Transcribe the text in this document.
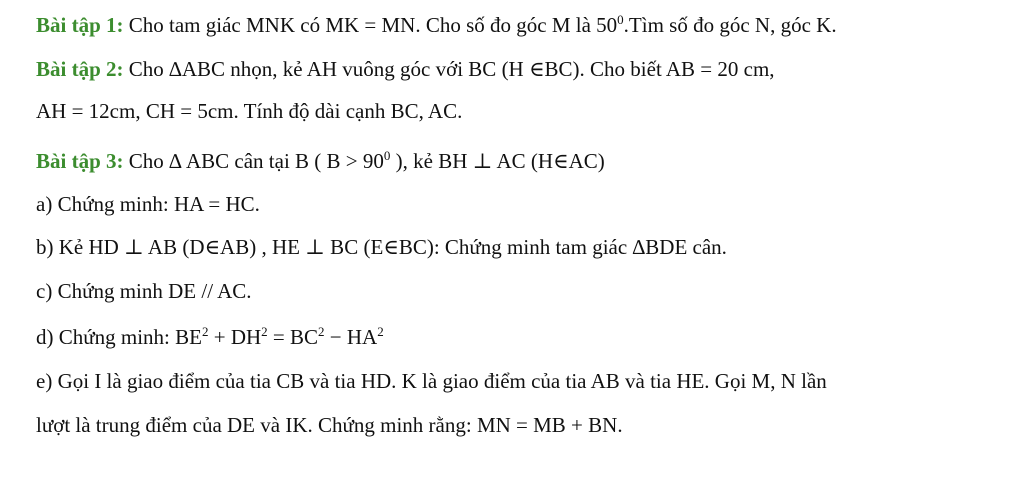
Bài tập 1: Cho tam giác MNK có MK = MN. Cho số đo góc M là $50^0.Tìm$ số đo góc N, góc K.
Bài tập 2: Cho ∆ABC nhọn, kẻ AH vuông góc với BC (H ∈BC). Cho biết AB = 20 cm,
AH = 12cm, CH = 5cm. Tính độ dài cạnh BC, AC.
Bài tập 3: Cho ∆ ABC cân tại B ( $B > 90^0$ ), kẻ BH ⊥ AC (H∈AC)
a) Chứng minh: HA = HC.
b) Kẻ HD ⊥ AB (D∈AB) , HE ⊥ BC (E∈BC): Chứng minh tam giác ∆BDE cân.
c) Chứng minh DE // AC.
d) Chứng minh: $BE^2 + DH^2 = BC^2 - HA^2$
e) Gọi I là giao điểm của tia CB và tia HD. K là giao điểm của tia AB và tia HE. Gọi M, N lần
lượt là trung điểm của DE và IK. Chứng minh rằng: MN = MB + BN.
